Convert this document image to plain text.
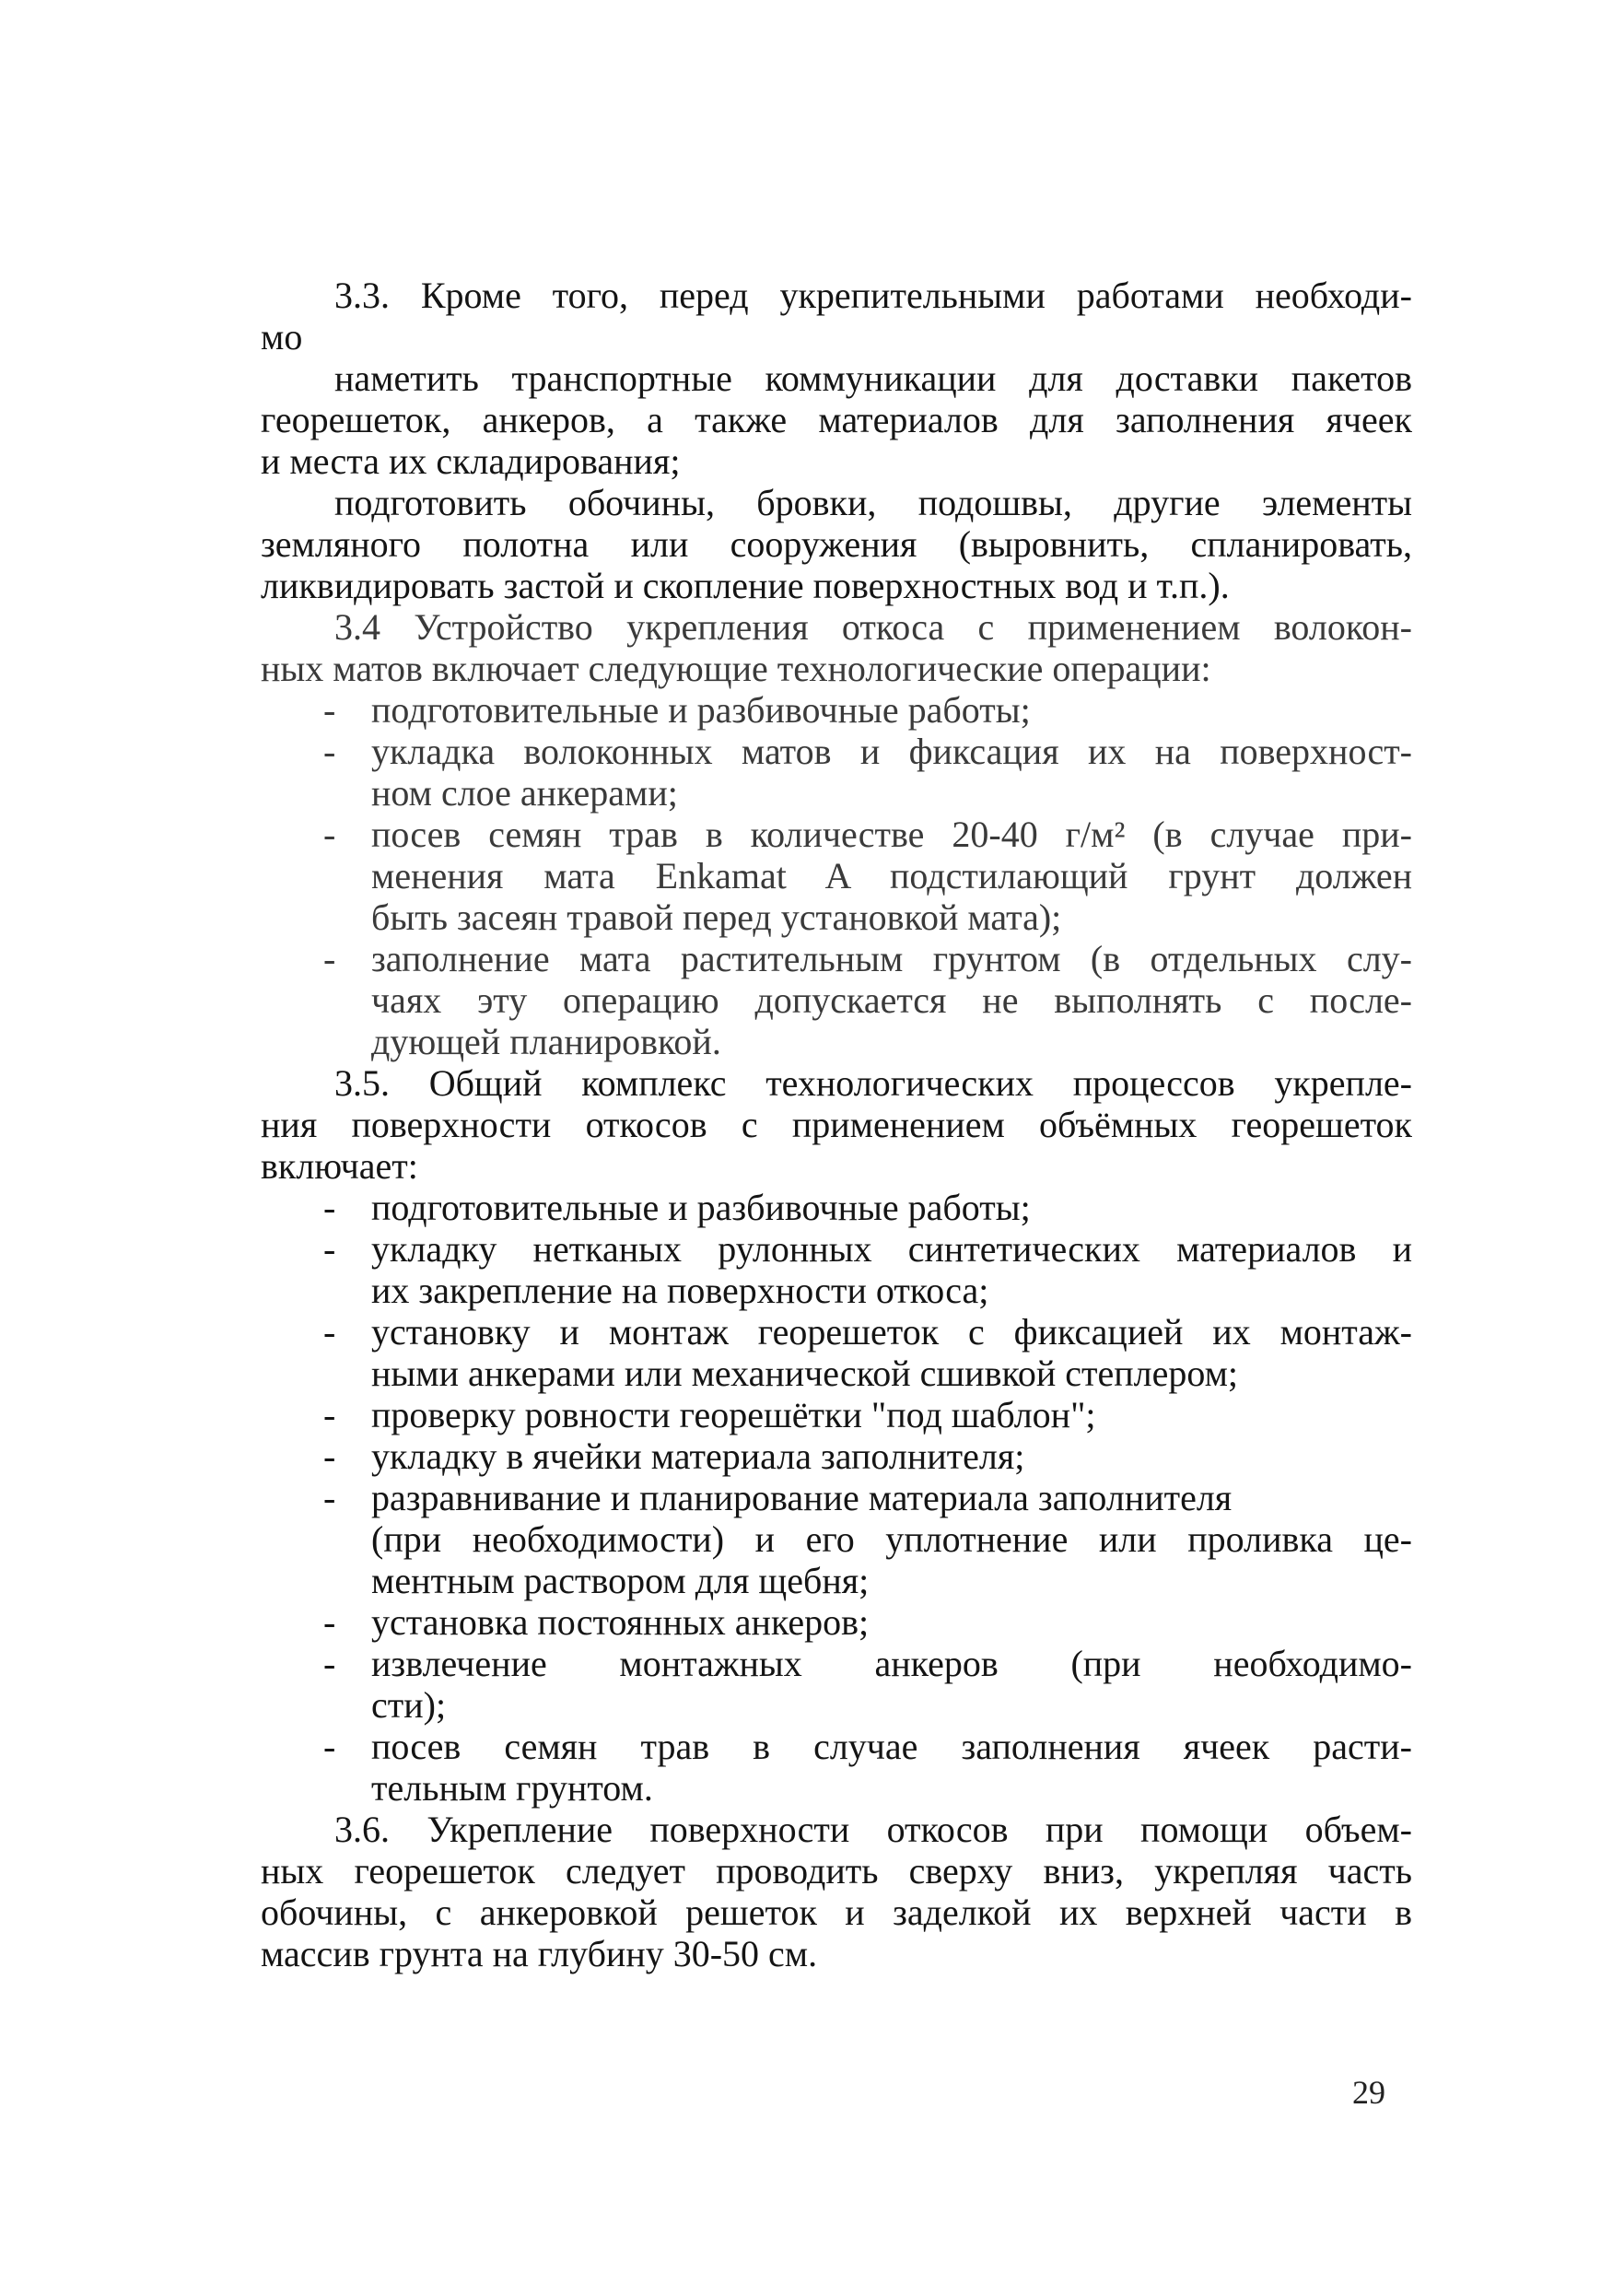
3.3. Кроме того, перед укрепительными работами необходи-
мо
наметить транспортные коммуникации для доставки пакетов
георешеток, анкеров, а также материалов для заполнения ячеек
и места их складирования;
подготовить обочины, бровки, подошвы, другие элементы
земляного полотна или сооружения (выровнить, спланировать,
ликвидировать застой и скопление поверхностных вод и т.п.).
3.4 Устройство укрепления откоса с применением волокон-
ных матов включает следующие технологические операции:
- подготовительные и разбивочные работы;
- укладка волоконных матов и фиксация их на поверхност-
ном слое анкерами;
- посев семян трав в количестве 20-40 г/м² (в случае при-
менения мата Enkamat A подстилающий грунт должен
быть засеян травой перед установкой мата);
- заполнение мата растительным грунтом (в отдельных слу-
чаях эту операцию допускается не выполнять с после-
дующей планировкой.
3.5. Общий комплекс технологических процессов укрепле-
ния поверхности откосов с применением объёмных георешеток
включает:
- подготовительные и разбивочные работы;
- укладку нетканых рулонных синтетических материалов и
их закрепление на поверхности откоса;
- установку и монтаж георешеток с фиксацией их монтаж-
ными анкерами или механической сшивкой степлером;
- проверку ровности георешётки "под шаблон";
- укладку в ячейки материала заполнителя;
- разравнивание и планирование материала заполнителя
(при необходимости) и его уплотнение или проливка це-
ментным раствором для щебня;
- установка постоянных анкеров;
- извлечение монтажных анкеров (при необходимо-
сти);
- посев семян трав в случае заполнения ячеек расти-
тельным грунтом.
3.6. Укрепление поверхности откосов при помощи объем-
ных георешеток следует проводить сверху вниз, укрепляя часть
обочины, с анкеровкой решеток и заделкой их верхней части в
массив грунта на глубину 30-50 см.
29
